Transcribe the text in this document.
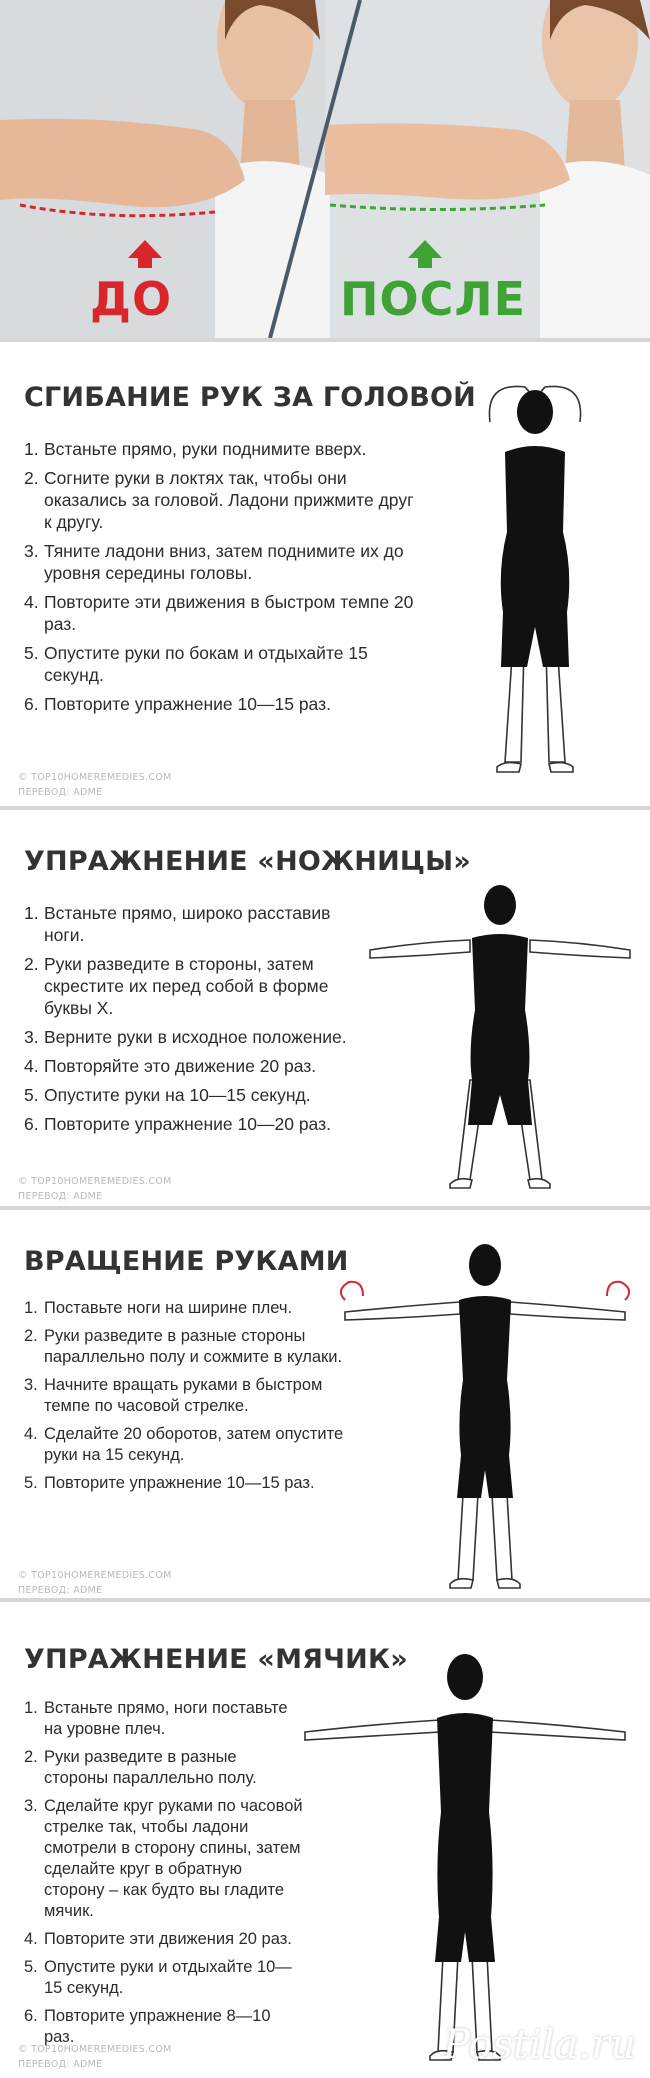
ДО	ПОСЛЕ
СГИБАНИЕ РУК ЗА ГОЛОВОЙ
1. Встаньте прямо, руки поднимите вверх.
2. Согните руки в локтях так, чтобы они оказались за головой. Ладони прижмите друг к другу.
3. Тяните ладони вниз, затем поднимите их до уровня середины головы.
4. Повторите эти движения в быстром темпе 20 раз.
5. Опустите руки по бокам и отдыхайте 15 секунд.
6. Повторите упражнение 10—15 раз.
© TOP10HOMEREMEDIES.COM
ПЕРЕВОД: ADME
УПРАЖНЕНИЕ «НОЖНИЦЫ»
1. Встаньте прямо, широко расставив ноги.
2. Руки разведите в стороны, затем скрестите их перед собой в форме буквы X.
3. Верните руки в исходное положение.
4. Повторяйте это движение 20 раз.
5. Опустите руки на 10—15 секунд.
6. Повторите упражнение 10—20 раз.
© TOP10HOMEREMEDIES.COM
ПЕРЕВОД: ADME
ВРАЩЕНИЕ РУКАМИ
1. Поставьте ноги на ширине плеч.
2. Руки разведите в разные стороны параллельно полу и сожмите в кулаки.
3. Начните вращать руками в быстром темпе по часовой стрелке.
4. Сделайте 20 оборотов, затем опустите руки на 15 секунд.
5. Повторите упражнение 10—15 раз.
© TOP10HOMEREMEDIES.COM
ПЕРЕВОД: ADME
УПРАЖНЕНИЕ «МЯЧИК»
1. Встаньте прямо, ноги поставьте на уровне плеч.
2. Руки разведите в разные стороны параллельно полу.
3. Сделайте круг руками по часовой стрелке так, чтобы ладони смотрели в сторону спины, затем сделайте круг в обратную сторону – как будто вы гладите мячик.
4. Повторите эти движения 20 раз.
5. Опустите руки и отдыхайте 10—15 секунд.
6. Повторите упражнение 8—10 раз.
© TOP10HOMEREMEDIES.COM
ПЕРЕВОД: ADME	Postila.ru
